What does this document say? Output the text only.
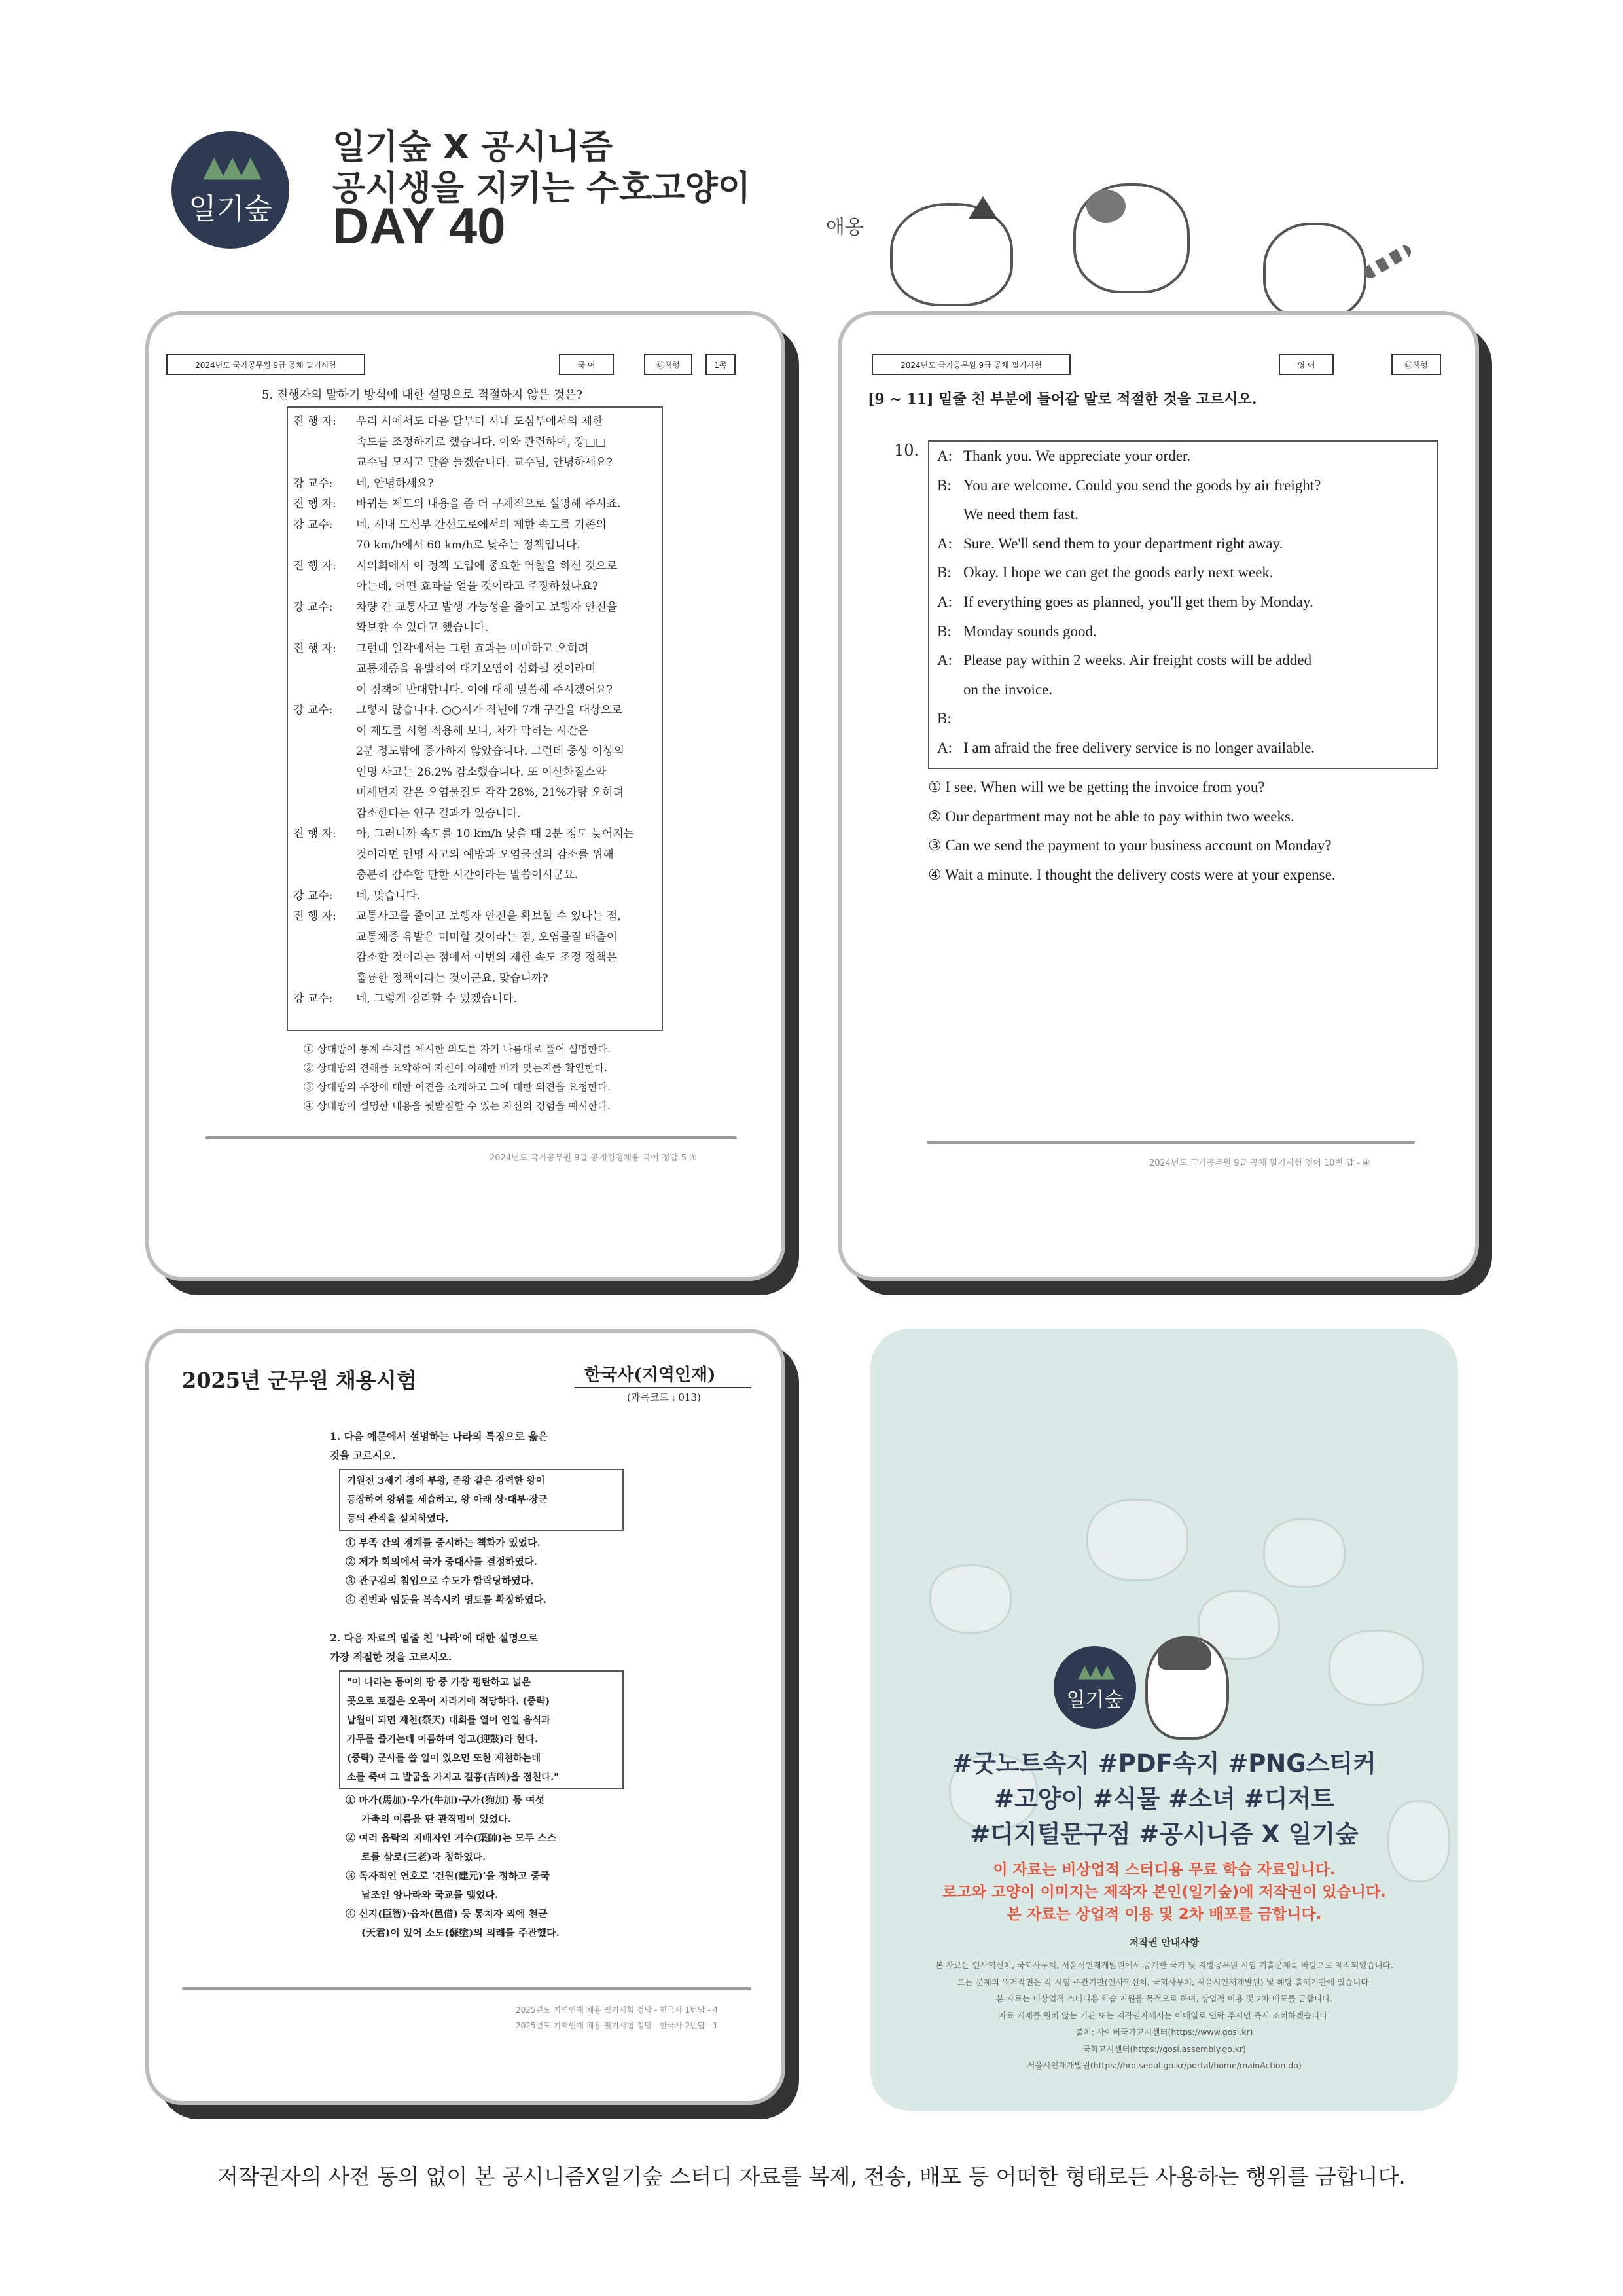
▲▲▲
일기숲
일기숲 X 공시니즘
공시생을 지키는 수호고양이
DAY 40	애옹
2024년도 국가공무원 9급 공채 필기시험	국 어	㉯책형	1쪽
5. 진행자의 말하기 방식에 대한 설명으로 적절하지 않은 것은?
진 행 자:	우리 시에서도 다음 달부터 시내 도심부에서의 제한
속도를 조정하기로 했습니다. 이와 관련하여, 강□□
교수님 모시고 말씀 들겠습니다. 교수님, 안녕하세요?
강 교수:	네, 안녕하세요?
진 행 자:	바뀌는 제도의 내용을 좀 더 구체적으로 설명해 주시죠.
강 교수:	네, 시내 도심부 간선도로에서의 제한 속도를 기존의
70 km/h에서 60 km/h로 낮추는 정책입니다.
진 행 자:	시의회에서 이 정책 도입에 중요한 역할을 하신 것으로
아는데, 어떤 효과를 얻을 것이라고 주장하셨나요?
강 교수:	차량 간 교통사고 발생 가능성을 줄이고 보행자 안전을
확보할 수 있다고 했습니다.
진 행 자:	그런데 일각에서는 그런 효과는 미미하고 오히려
교통체증을 유발하여 대기오염이 심화될 것이라며
이 정책에 반대합니다. 이에 대해 말씀해 주시겠어요?
강 교수:	그렇지 않습니다. ○○시가 작년에 7개 구간을 대상으로
이 제도를 시험 적용해 보니, 차가 막히는 시간은
2분 정도밖에 증가하지 않았습니다. 그런데 중상 이상의
인명 사고는 26.2% 감소했습니다. 또 이산화질소와
미세먼지 같은 오염물질도 각각 28%, 21%가량 오히려
감소한다는 연구 결과가 있습니다.
진 행 자:	아, 그러니까 속도를 10 km/h 낮출 때 2분 정도 늦어지는
것이라면 인명 사고의 예방과 오염물질의 감소를 위해
충분히 감수할 만한 시간이라는 말씀이시군요.
강 교수:	네, 맞습니다.
진 행 자:	교통사고를 줄이고 보행자 안전을 확보할 수 있다는 점,
교통체증 유발은 미미할 것이라는 점, 오염물질 배출이
감소할 것이라는 점에서 이번의 제한 속도 조정 정책은
훌륭한 정책이라는 것이군요. 맞습니까?
강 교수:	네, 그렇게 정리할 수 있겠습니다.
① 상대방이 통계 수치를 제시한 의도를 자기 나름대로 풀어 설명한다.
② 상대방의 견해를 요약하여 자신이 이해한 바가 맞는지를 확인한다.
③ 상대방의 주장에 대한 이견을 소개하고 그에 대한 의견을 요청한다.
④ 상대방이 설명한 내용을 뒷받침할 수 있는 자신의 경험을 예시한다.
2024년도 국가공무원 9급 공개경쟁채용 국어 정답-5 ④
2024년도 국가공무원 9급 공채 필기시험	영 어	㉯책형
[9 ~ 11] 밑줄 친 부분에 들어갈 말로 적절한 것을 고르시오.
10. A: Thank you. We appreciate your order.
B: You are welcome. Could you send the goods by air freight?
We need them fast.
A: Sure. We'll send them to your department right away.
B: Okay. I hope we can get the goods early next week.
A: If everything goes as planned, you'll get them by Monday.
B: Monday sounds good.
A: Please pay within 2 weeks. Air freight costs will be added
on the invoice.
B:
A: I am afraid the free delivery service is no longer available.
① I see. When will we be getting the invoice from you?
② Our department may not be able to pay within two weeks.
③ Can we send the payment to your business account on Monday?
④ Wait a minute. I thought the delivery costs were at your expense.
2024년도 국가공무원 9급 공채 필기시험 영어 10번 답 - ④
2025년 군무원 채용시험	한국사(지역인재)
(과목코드 : 013)
1. 다음 예문에서 설명하는 나라의 특징으로 옳은
것을 고르시오.
기원전 3세기 경에 부왕, 준왕 같은 강력한 왕이
등장하여 왕위를 세습하고, 왕 아래 상·대부·장군
등의 관직을 설치하였다.
① 부족 간의 경계를 중시하는 책화가 있었다.
② 제가 회의에서 국가 중대사를 결정하였다.
③ 관구검의 침입으로 수도가 함락당하였다.
④ 진번과 임둔을 복속시켜 영토를 확장하였다.
2. 다음 자료의 밑줄 친 '나라'에 대한 설명으로
가장 적절한 것을 고르시오.
"이 나라는 동이의 땅 중 가장 평탄하고 넓은
곳으로 토질은 오곡이 자라기에 적당하다. (중략)
납월이 되면 제천(祭天) 대회를 열어 연일 음식과
가무를 즐기는데 이름하여 영고(迎鼓)라 한다.
(중략) 군사를 쓸 일이 있으면 또한 제천하는데
소를 죽여 그 발굽을 가지고 길흉(吉凶)을 점친다."
① 마가(馬加)·우가(牛加)·구가(狗加) 등 여섯
가축의 이름을 딴 관직명이 있었다.
② 여러 읍락의 지배자인 거수(渠帥)는 모두 스스
로를 삼로(三老)라 칭하였다.
③ 독자적인 연호로 '건원(建元)'을 정하고 중국
남조인 양나라와 국교를 맺었다.
④ 신지(臣智)·읍차(邑借) 등 통치자 외에 천군
(天君)이 있어 소도(蘇塗)의 의례를 주관했다.
2025년도 지역인재 채용 필기시험 정답 - 한국사 1번답 - 4
2025년도 지역인재 채용 필기시험 정답 - 한국사 2번답 - 1
▲▲▲
일기숲
#굿노트속지 #PDF속지 #PNG스티커
#고양이 #식물 #소녀 #디저트
#디지털문구점 #공시니즘 X 일기숲
이 자료는 비상업적 스터디용 무료 학습 자료입니다.
로고와 고양이 이미지는 제작자 본인(일기숲)에 저작권이 있습니다.
본 자료는 상업적 이용 및 2차 배포를 금합니다.
저작권 안내사항
본 자료는 인사혁신처, 국회사무처, 서울시인재개발원에서 공개한 국가 및 지방공무원 시험 기출문제를 바탕으로 제작되었습니다.
모든 문제의 원저작권은 각 시험 주관기관(인사혁신처, 국회사무처, 서울시인재개발원) 및 해당 출제기관에 있습니다.
본 자료는 비상업적 스터디용 학습 지원을 목적으로 하며, 상업적 이용 및 2차 배포를 금합니다.
자료 게재를 원치 않는 기관 또는 저작권자께서는 이메일로 연락 주시면 즉시 조치하겠습니다.
출처: 사이버국가고시센터(https://www.gosi.kr)
국회고시센터(https://gosi.assembly.go.kr)
서울시인재개발원(https://hrd.seoul.go.kr/portal/home/mainAction.do)
저작권자의 사전 동의 없이 본 공시니즘X일기숲 스터디 자료를 복제, 전송, 배포 등 어떠한 형태로든 사용하는 행위를 금합니다.
